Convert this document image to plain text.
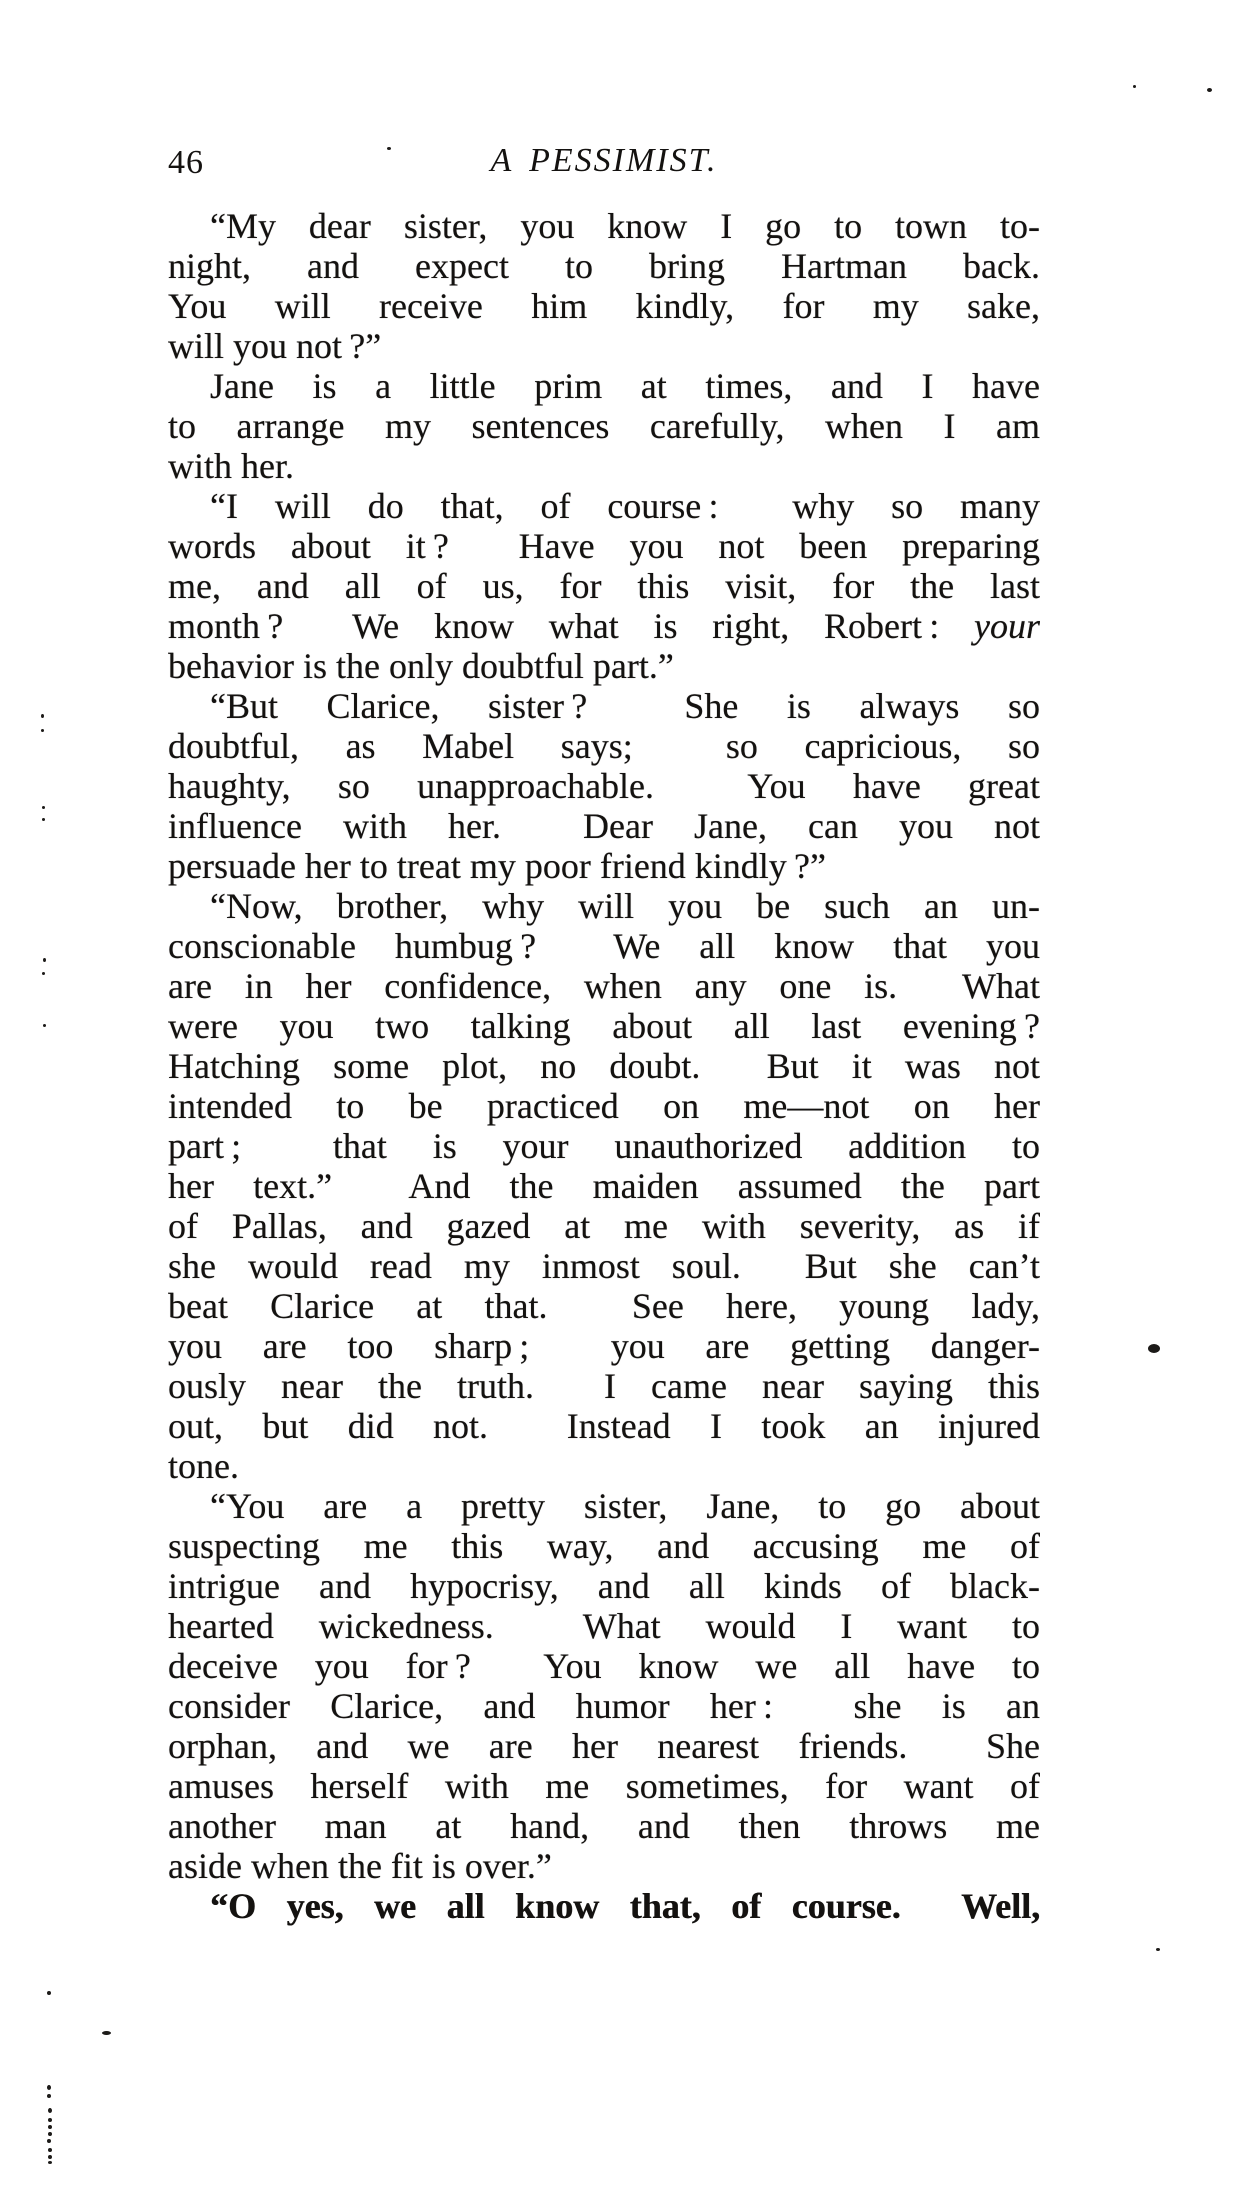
46	A PESSIMIST.
“My dear sister, you know I go to town to-
night, and expect to bring Hartman back.
You will receive him kindly, for my sake,
will you not ?”
Jane is a little prim at times, and I have
to arrange my sentences carefully, when I am
with her.
“I will do that, of course :  why so many
words about it ?  Have you not been preparing
me, and all of us, for this visit, for the last
month ?  We know what is right, Robert : your
behavior is the only doubtful part.”
“But Clarice, sister ?  She is always so
doubtful, as Mabel says;  so capricious, so
haughty, so unapproachable.  You have great
influence with her.  Dear Jane, can you not
persuade her to treat my poor friend kindly ?”
“Now, brother, why will you be such an un-
conscionable humbug ?  We all know that you
are in her confidence, when any one is.  What
were you two talking about all last evening ?
Hatching some plot, no doubt.  But it was not
intended to be practiced on me—not on her
part ;  that is your unauthorized addition to
her text.”  And the maiden assumed the part
of Pallas, and gazed at me with severity, as if
she would read my inmost soul.  But she can’t
beat Clarice at that.  See here, young lady,
you are too sharp ;  you are getting danger-
ously near the truth.  I came near saying this
out, but did not.  Instead I took an injured
tone.
“You are a pretty sister, Jane, to go about
suspecting me this way, and accusing me of
intrigue and hypocrisy, and all kinds of black-
hearted wickedness.  What would I want to
deceive you for ?  You know we all have to
consider Clarice, and humor her :  she is an
orphan, and we are her nearest friends.  She
amuses herself with me sometimes, for want of
another man at hand, and then throws me
aside when the fit is over.”
“O yes, we all know that, of course.  Well,
